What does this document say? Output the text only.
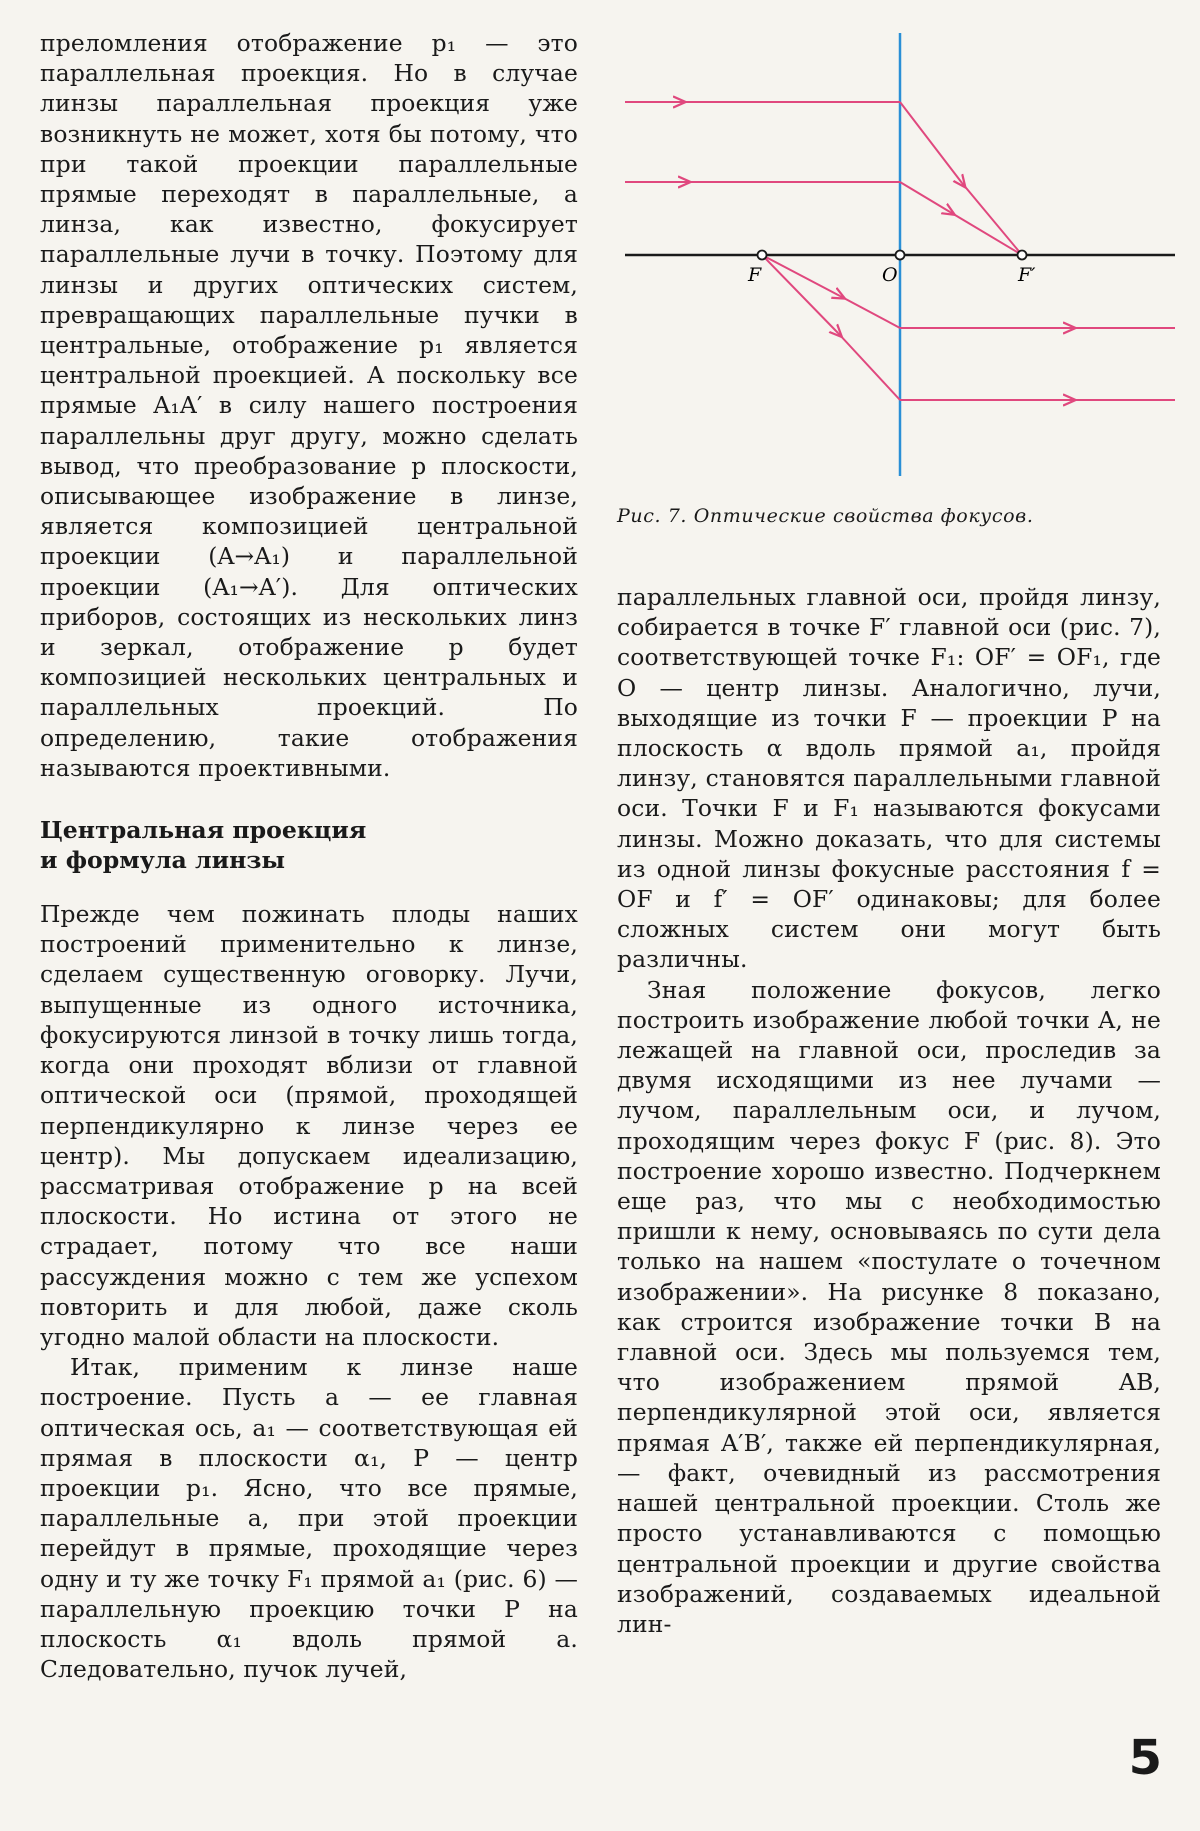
преломления отображение p₁ — это параллельная проекция. Но в случае линзы параллельная проекция уже возникнуть не может, хотя бы потому, что при такой проекции параллельные прямые переходят в параллельные, а линза, как известно, фокусирует параллельные лучи в точку. Поэтому для линзы и других оптических систем, превращающих параллельные пучки в центральные, отображение p₁ является центральной проекцией. А поскольку все прямые A₁A′ в силу нашего построения параллельны друг другу, можно сделать вывод, что преобразование p плоскости, описывающее изображение в линзе, является композицией центральной проекции (A→A₁) и параллельной проекции (A₁→A′). Для оптических приборов, состоящих из нескольких линз и зеркал, отображение p будет композицией нескольких центральных и параллельных проекций. По определению, такие отображения называются проективными.

Центральная проекция
и формула линзы

Прежде чем пожинать плоды наших построений применительно к линзе, сделаем существенную оговорку. Лучи, выпущенные из одного источника, фокусируются линзой в точку лишь тогда, когда они проходят вблизи от главной оптической оси (прямой, проходящей перпендикулярно к линзе через ее центр). Мы допускаем идеализацию, рассматривая отображение p на всей плоскости. Но истина от этого не страдает, потому что все наши рассуждения можно с тем же успехом повторить и для любой, даже сколь угодно малой области на плоскости.

Итак, применим к линзе наше построение. Пусть a — ее главная оптическая ось, a₁ — соответствующая ей прямая в плоскости α₁, P — центр проекции p₁. Ясно, что все прямые, параллельные a, при этой проекции перейдут в прямые, проходящие через одну и ту же точку F₁ прямой a₁ (рис. 6) — параллельную проекцию точки P на плоскость α₁ вдоль прямой a. Следовательно, пучок лучей,

F	O	F′
Рис. 7. Оптические свойства фокусов.

параллельных главной оси, пройдя линзу, собирается в точке F′ главной оси (рис. 7), соответствующей точке F₁: OF′ = OF₁, где O — центр линзы. Аналогично, лучи, выходящие из точки F — проекции P на плоскость α вдоль прямой a₁, пройдя линзу, становятся параллельными главной оси. Точки F и F₁ называются фокусами линзы. Можно доказать, что для системы из одной линзы фокусные расстояния f = OF и f′ = OF′ одинаковы; для более сложных систем они могут быть различны.

Зная положение фокусов, легко построить изображение любой точки A, не лежащей на главной оси, проследив за двумя исходящими из нее лучами — лучом, параллельным оси, и лучом, проходящим через фокус F (рис. 8). Это построение хорошо известно. Подчеркнем еще раз, что мы с необходимостью пришли к нему, основываясь по сути дела только на нашем «постулате о точечном изображении». На рисунке 8 показано, как строится изображение точки B на главной оси. Здесь мы пользуемся тем, что изображением прямой AB, перпендикулярной этой оси, является прямая A′B′, также ей перпендикулярная, — факт, очевидный из рассмотрения нашей центральной проекции. Столь же просто устанавливаются с помощью центральной проекции и другие свойства изображений, создаваемых идеальной лин-

5
